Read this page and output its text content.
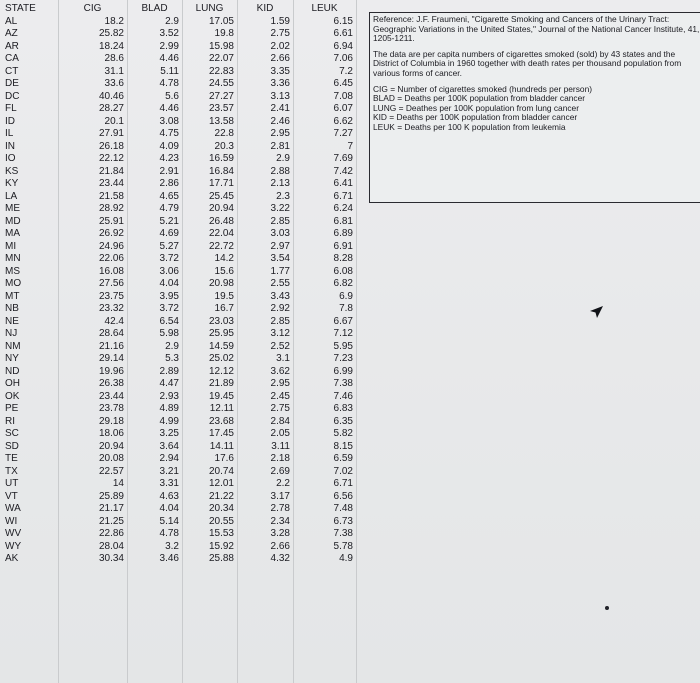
STATE	CIG	BLAD	LUNG	KID	LEUK	
AL	18.2	2.9	17.05	1.59	6.15	
AZ	25.82	3.52	19.8	2.75	6.61	
AR	18.24	2.99	15.98	2.02	6.94	
CA	28.6	4.46	22.07	2.66	7.06	
CT	31.1	5.11	22.83	3.35	7.2	
DE	33.6	4.78	24.55	3.36	6.45	
DC	40.46	5.6	27.27	3.13	7.08	
FL	28.27	4.46	23.57	2.41	6.07	
ID	20.1	3.08	13.58	2.46	6.62	
IL	27.91	4.75	22.8	2.95	7.27	
IN	26.18	4.09	20.3	2.81	7	
IO	22.12	4.23	16.59	2.9	7.69	
KS	21.84	2.91	16.84	2.88	7.42	
KY	23.44	2.86	17.71	2.13	6.41	
LA	21.58	4.65	25.45	2.3	6.71	
ME	28.92	4.79	20.94	3.22	6.24	
MD	25.91	5.21	26.48	2.85	6.81	
MA	26.92	4.69	22.04	3.03	6.89	
MI	24.96	5.27	22.72	2.97	6.91	
MN	22.06	3.72	14.2	3.54	8.28	
MS	16.08	3.06	15.6	1.77	6.08	
MO	27.56	4.04	20.98	2.55	6.82	
MT	23.75	3.95	19.5	3.43	6.9	
NB	23.32	3.72	16.7	2.92	7.8	
NE	42.4	6.54	23.03	2.85	6.67	
NJ	28.64	5.98	25.95	3.12	7.12	
NM	21.16	2.9	14.59	2.52	5.95	
NY	29.14	5.3	25.02	3.1	7.23	
ND	19.96	2.89	12.12	3.62	6.99	
OH	26.38	4.47	21.89	2.95	7.38	
OK	23.44	2.93	19.45	2.45	7.46	
PE	23.78	4.89	12.11	2.75	6.83	
RI	29.18	4.99	23.68	2.84	6.35	
SC	18.06	3.25	17.45	2.05	5.82	
SD	20.94	3.64	14.11	3.11	8.15	
TE	20.08	2.94	17.6	2.18	6.59	
TX	22.57	3.21	20.74	2.69	7.02	
UT	14	3.31	12.01	2.2	6.71	
VT	25.89	4.63	21.22	3.17	6.56	
WA	21.17	4.04	20.34	2.78	7.48	
WI	21.25	5.14	20.55	2.34	6.73	
WV	22.86	4.78	15.53	3.28	7.38	
WY	28.04	3.2	15.92	2.66	5.78	
AK	30.34	3.46	25.88	4.32	4.9	

Reference: J.F. Fraumeni, "Cigarette Smoking and Cancers of the Urinary Tract: Geographic Variations in the United States," Journal of the National Cancer Institute, 41, 1205-1211.

The data are per capita numbers of cigarettes smoked (sold) by 43 states and the District of Columbia in 1960 together with death rates per thousand population from various forms of cancer.

CIG = Number of cigarettes smoked (hundreds per person)
BLAD = Deaths per 100K population from bladder cancer
LUNG = Deathes per 100K population from lung cancer
KID = Deaths per 100K population from bladder cancer
LEUK = Deaths per 100 K population from leukemia
